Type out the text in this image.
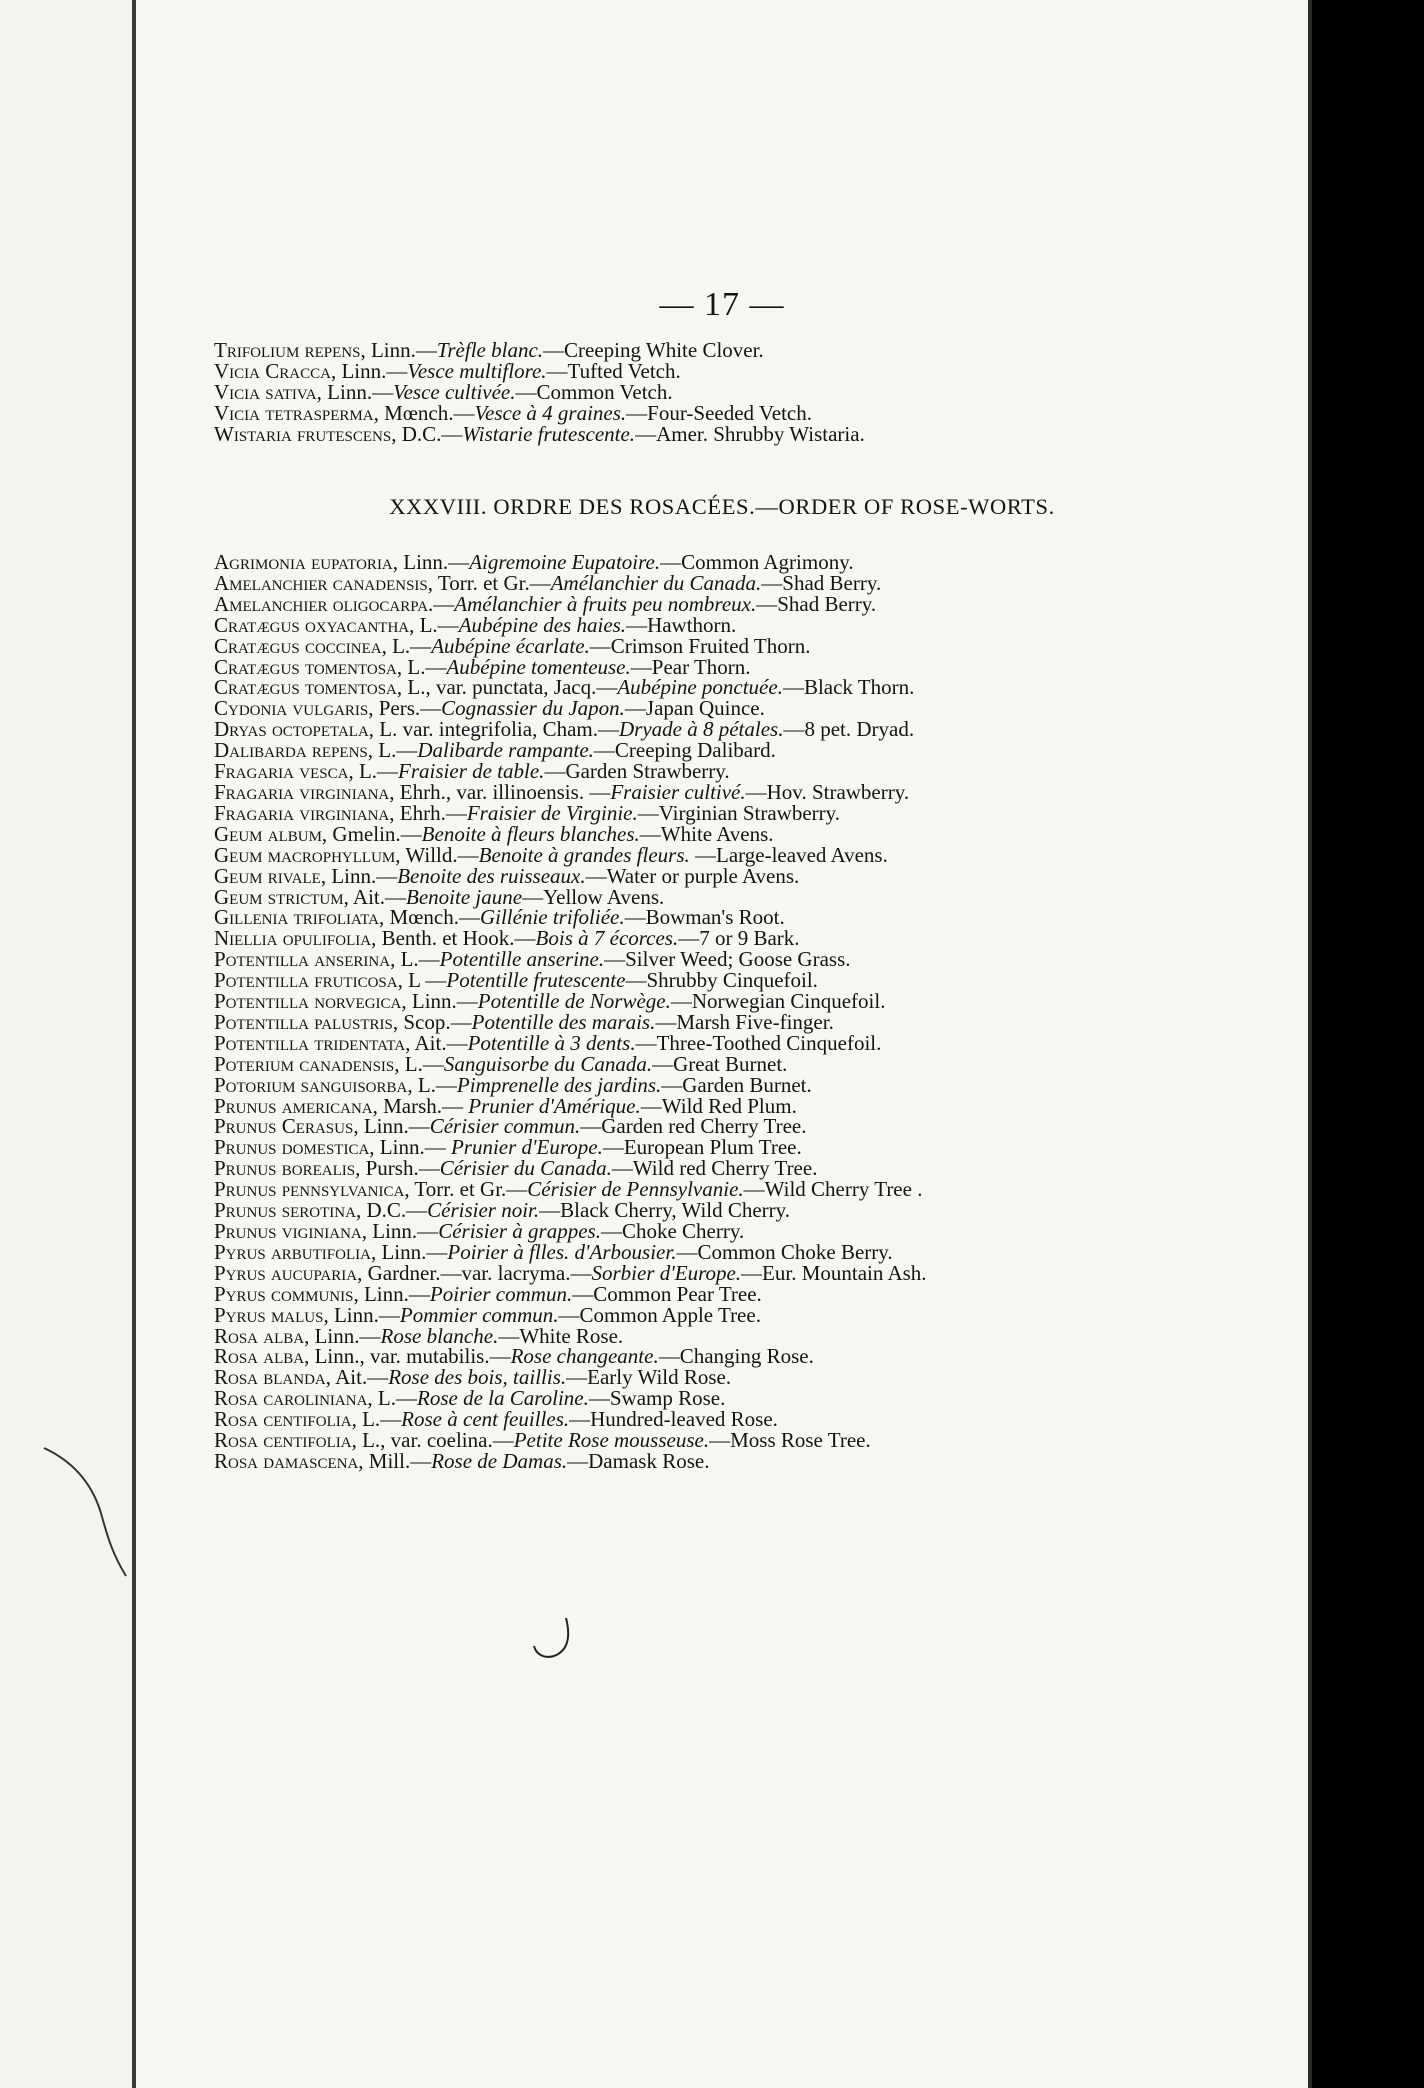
— 17 —
Trifolium repens, Linn.—Trèfle blanc.—Creeping White Clover.
Vicia Cracca, Linn.—Vesce multiflore.—Tufted Vetch.
Vicia sativa, Linn.—Vesce cultivée.—Common Vetch.
Vicia tetrasperma, Mœnch.—Vesce à 4 graines.—Four-Seeded Vetch.
Wistaria frutescens, D.C.—Wistarie frutescente.—Amer. Shrubby Wistaria.
XXXVIII. ORDRE DES ROSACÉES.—ORDER OF ROSE-WORTS.
Agrimonia eupatoria, Linn.—Aigremoine Eupatoire.—Common Agrimony.
Amelanchier canadensis, Torr. et Gr.—Amélanchier du Canada.—Shad Berry.
Amelanchier oligocarpa.—Amélanchier à fruits peu nombreux.—Shad Berry.
Cratægus oxyacantha, L.—Aubépine des haies.—Hawthorn.
Cratægus coccinea, L.—Aubépine écarlate.—Crimson Fruited Thorn.
Cratægus tomentosa, L.—Aubépine tomenteuse.—Pear Thorn.
Cratægus tomentosa, L., var. punctata, Jacq.—Aubépine ponctuée.—Black Thorn.
Cydonia vulgaris, Pers.—Cognassier du Japon.—Japan Quince.
Dryas octopetala, L. var. integrifolia, Cham.—Dryade à 8 pétales.—8 pet. Dryad.
Dalibarda repens, L.—Dalibarde rampante.—Creeping Dalibard.
Fragaria vesca, L.—Fraisier de table.—Garden Strawberry.
Fragaria virginiana, Ehrh., var. illinoensis. —Fraisier cultivé.—Hov. Strawberry.
Fragaria virginiana, Ehrh.—Fraisier de Virginie.—Virginian Strawberry.
Geum album, Gmelin.—Benoite à fleurs blanches.—White Avens.
Geum macrophyllum, Willd.—Benoite à grandes fleurs. —Large-leaved Avens.
Geum rivale, Linn.—Benoite des ruisseaux.—Water or purple Avens.
Geum strictum, Ait.—Benoite jaune—Yellow Avens.
Gillenia trifoliata, Mœnch.—Gillénie trifoliée.—Bowman's Root.
Niellia opulifolia, Benth. et Hook.—Bois à 7 écorces.—7 or 9 Bark.
Potentilla anserina, L.—Potentille anserine.—Silver Weed; Goose Grass.
Potentilla fruticosa, L —Potentille frutescente—Shrubby Cinquefoil.
Potentilla norvegica, Linn.—Potentille de Norwège.—Norwegian Cinquefoil.
Potentilla palustris, Scop.—Potentille des marais.—Marsh Five-finger.
Potentilla tridentata, Ait.—Potentille à 3 dents.—Three-Toothed Cinquefoil.
Poterium canadensis, L.—Sanguisorbe du Canada.—Great Burnet.
Potorium sanguisorba, L.—Pimprenelle des jardins.—Garden Burnet.
Prunus americana, Marsh.— Prunier d'Amérique.—Wild Red Plum.
Prunus Cerasus, Linn.—Cérisier commun.—Garden red Cherry Tree.
Prunus domestica, Linn.— Prunier d'Europe.—European Plum Tree.
Prunus borealis, Pursh.—Cérisier du Canada.—Wild red Cherry Tree.
Prunus pennsylvanica, Torr. et Gr.—Cérisier de Pennsylvanie.—Wild Cherry Tree .
Prunus serotina, D.C.—Cérisier noir.—Black Cherry, Wild Cherry.
Prunus viginiana, Linn.—Cérisier à grappes.—Choke Cherry.
Pyrus arbutifolia, Linn.—Poirier à flles. d'Arbousier.—Common Choke Berry.
Pyrus aucuparia, Gardner.—var. lacryma.—Sorbier d'Europe.—Eur. Mountain Ash.
Pyrus communis, Linn.—Poirier commun.—Common Pear Tree.
Pyrus malus, Linn.—Pommier commun.—Common Apple Tree.
Rosa alba, Linn.—Rose blanche.—White Rose.
Rosa alba, Linn., var. mutabilis.—Rose changeante.—Changing Rose.
Rosa blanda, Ait.—Rose des bois, taillis.—Early Wild Rose.
Rosa caroliniana, L.—Rose de la Caroline.—Swamp Rose.
Rosa centifolia, L.—Rose à cent feuilles.—Hundred-leaved Rose.
Rosa centifolia, L., var. coelina.—Petite Rose mousseuse.—Moss Rose Tree.
Rosa damascena, Mill.—Rose de Damas.—Damask Rose.
